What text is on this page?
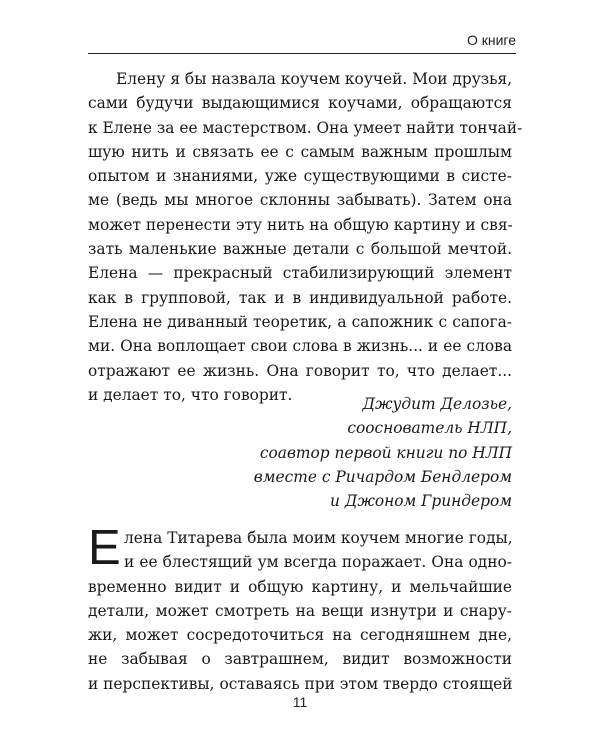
О книге
Елену я бы назвала коучем коучей. Мои друзья,
сами будучи выдающимися коучами, обращаются
к Елене за ее мастерством. Она умеет найти тончай-
шую нить и связать ее с самым важным прошлым
опытом и знаниями, уже существующими в систе-
ме (ведь мы многое склонны забывать). Затем она
может перенести эту нить на общую картину и свя-
зать маленькие важные детали с большой мечтой.
Елена — прекрасный стабилизирующий элемент
как в групповой, так и в индивидуальной работе.
Елена не диванный теоретик, а сапожник с сапога-
ми. Она воплощает свои слова в жизнь... и ее слова
отражают ее жизнь. Она говорит то, что делает...
и делает то, что говорит.
Джудит Делозье,
сооснователь НЛП,
соавтор первой книги по НЛП
вместе с Ричардом Бендлером
и Джоном Гриндером
Е лена Титарева была моим коучем многие годы,
и ее блестящий ум всегда поражает. Она одно-
временно видит и общую картину, и мельчайшие
детали, может смотреть на вещи изнутри и снару-
жи, может сосредоточиться на сегодняшнем дне,
не забывая о завтрашнем, видит возможности
и перспективы, оставаясь при этом твердо стоящей
11
